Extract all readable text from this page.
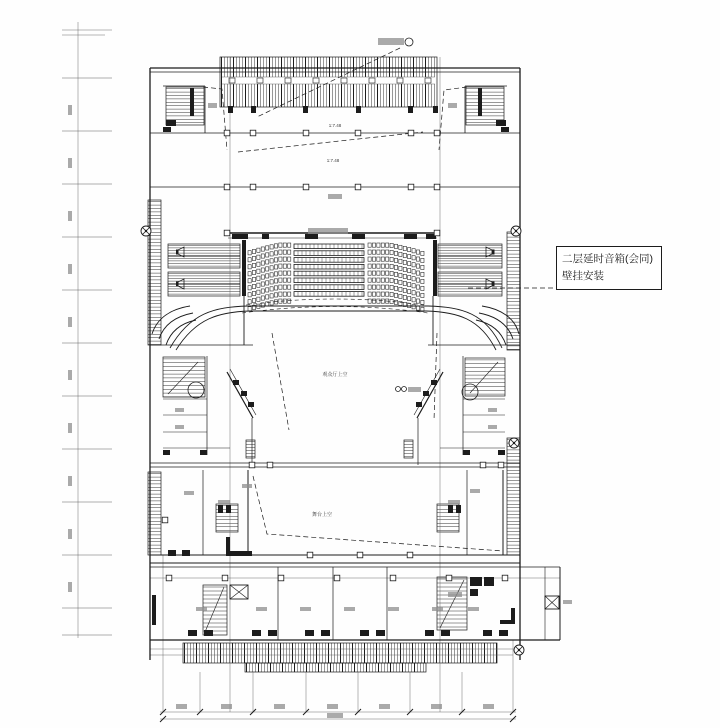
1:7.48
1:7.48
观众厅上空
舞台上空
二层延时音箱(会同)
壁挂安装
